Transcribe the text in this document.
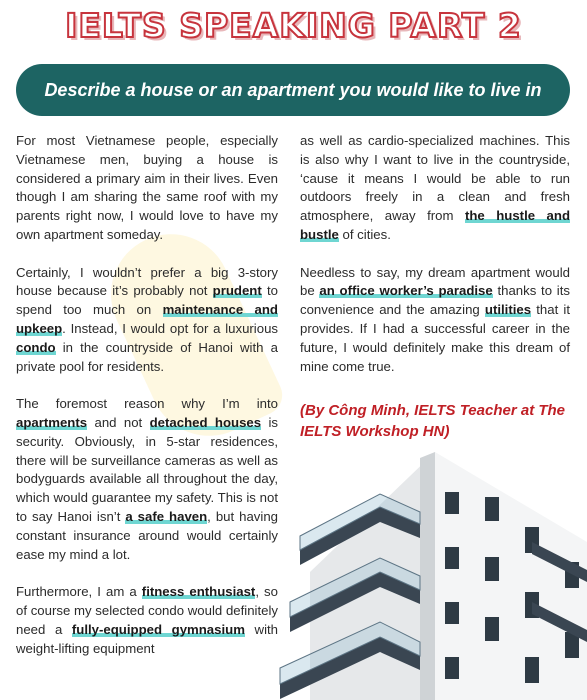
IELTS SPEAKING PART 2
Describe a house or an apartment you would like to live in

For most Vietnamese people, especially Vietnamese men, buying a house is considered a primary aim in their lives. Even though I am sharing the same roof with my parents right now, I would love to have my own apartment someday.

Certainly, I wouldn’t prefer a big 3-story house because it’s probably not prudent to spend too much on maintenance and upkeep. Instead, I would opt for a luxurious condo in the countryside of Hanoi with a private pool for residents.

The foremost reason why I’m into apartments and not detached houses is security. Obviously, in 5-star residences, there will be surveillance cameras as well as bodyguards available all throughout the day, which would guarantee my safety. This is not to say Hanoi isn’t a safe haven, but having constant insurance around would certainly ease my mind a lot.

Furthermore, I am a fitness enthusiast, so of course my selected condo would definitely need a fully-equipped gymnasium with weight-lifting equipment

as well as cardio-specialized machines. This is also why I want to live in the countryside, ‘cause it means I would be able to run outdoors freely in a clean and fresh atmosphere, away from the hustle and bustle of cities.

Needless to say, my dream apartment would be an office worker’s paradise thanks to its convenience and the amazing utilities that it provides. If I had a successful career in the future, I would definitely make this dream of mine come true.

(By Công Minh, IELTS Teacher at The IELTS Workshop HN)
